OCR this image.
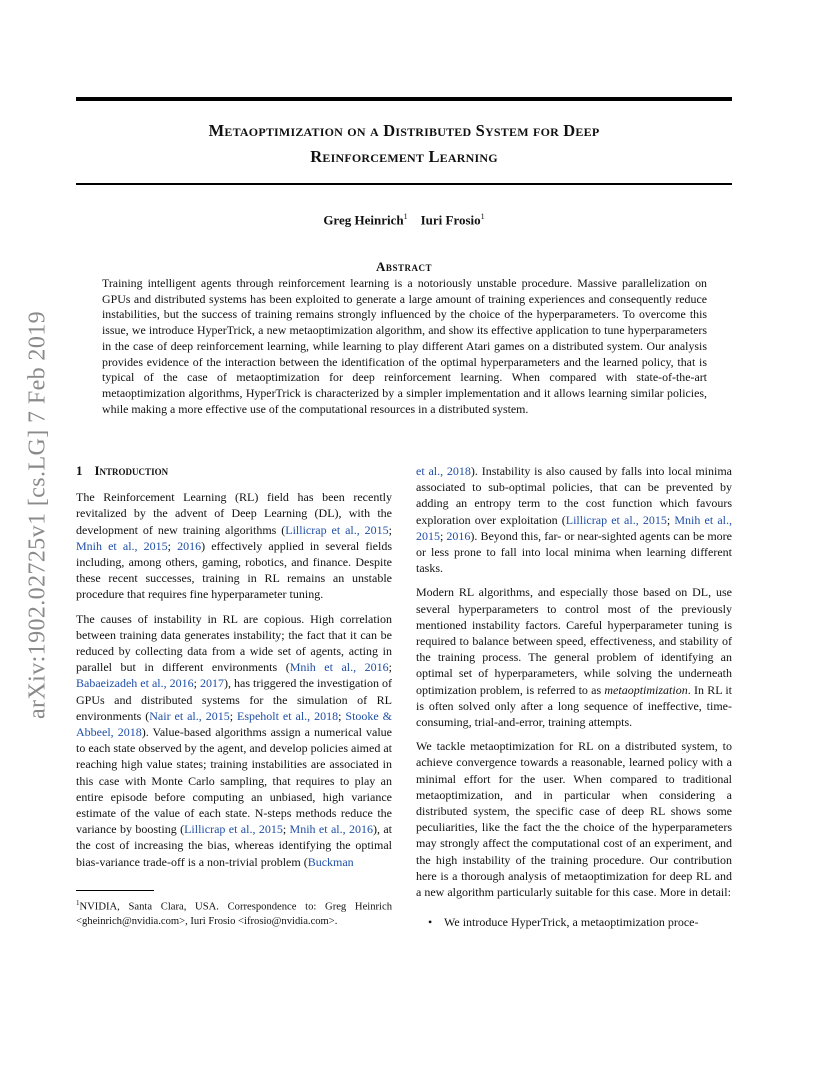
arXiv:1902.02725v1 [cs.LG] 7 Feb 2019
Metaoptimization on a Distributed System for Deep
Reinforcement Learning
Greg Heinrich$^1$ Iuri Frosio$^1$
Abstract
Training intelligent agents through reinforcement learning is a notoriously unstable procedure. Massive parallelization on GPUs and distributed systems has been exploited to generate a large amount of training experiences and consequently reduce instabilities, but the success of training remains strongly influenced by the choice of the hyperparameters. To overcome this issue, we introduce HyperTrick, a new metaoptimization algorithm, and show its effective application to tune hyperparameters in the case of deep reinforcement learning, while learning to play different Atari games on a distributed system. Our analysis provides evidence of the interaction between the identification of the optimal hyperparameters and the learned policy, that is typical of the case of metaoptimization for deep reinforcement learning. When compared with state-of-the-art metaoptimization algorithms, HyperTrick is characterized by a simpler implementation and it allows learning similar policies, while making a more effective use of the computational resources in a distributed system.
1 Introduction

The Reinforcement Learning (RL) field has been recently revitalized by the advent of Deep Learning (DL), with the development of new training algorithms (Lillicrap et al., 2015; Mnih et al., 2015; 2016) effectively applied in several fields including, among others, gaming, robotics, and finance. Despite these recent successes, training in RL remains an unstable procedure that requires fine hyperparameter tuning.

The causes of instability in RL are copious. High correlation between training data generates instability; the fact that it can be reduced by collecting data from a wide set of agents, acting in parallel but in different environments (Mnih et al., 2016; Babaeizadeh et al., 2016; 2017), has triggered the investigation of GPUs and distributed systems for the simulation of RL environments (Nair et al., 2015; Espeholt et al., 2018; Stooke & Abbeel, 2018). Value-based algorithms assign a numerical value to each state observed by the agent, and develop policies aimed at reaching high value states; training instabilities are associated in this case with Monte Carlo sampling, that requires to play an entire episode before computing an unbiased, high variance estimate of the value of each state. N-steps methods reduce the variance by boosting (Lillicrap et al., 2015; Mnih et al., 2016), at the cost of increasing the bias, whereas identifying the optimal bias-variance trade-off is a non-trivial problem (Buckman

$^1$NVIDIA, Santa Clara, USA. Correspondence to: Greg Heinrich <gheinrich@nvidia.com>, Iuri Frosio <ifrosio@nvidia.com>.

et al., 2018). Instability is also caused by falls into local minima associated to sub-optimal policies, that can be prevented by adding an entropy term to the cost function which favours exploration over exploitation (Lillicrap et al., 2015; Mnih et al., 2015; 2016). Beyond this, far- or near-sighted agents can be more or less prone to fall into local minima when learning different tasks.

Modern RL algorithms, and especially those based on DL, use several hyperparameters to control most of the previously mentioned instability factors. Careful hyperparameter tuning is required to balance between speed, effectiveness, and stability of the training process. The general problem of identifying an optimal set of hyperparameters, while solving the underneath optimization problem, is referred to as metaoptimization. In RL it is often solved only after a long sequence of ineffective, time-consuming, trial-and-error, training attempts.

We tackle metaoptimization for RL on a distributed system, to achieve convergence towards a reasonable, learned policy with a minimal effort for the user. When compared to traditional metaoptimization, and in particular when considering a distributed system, the specific case of deep RL shows some peculiarities, like the fact the the choice of the hyperparameters may strongly affect the computational cost of an experiment, and the high instability of the training procedure. Our contribution here is a thorough analysis of metaoptimization for deep RL and a new algorithm particularly suitable for this case. More in detail:

• We introduce HyperTrick, a metaoptimization proce-
